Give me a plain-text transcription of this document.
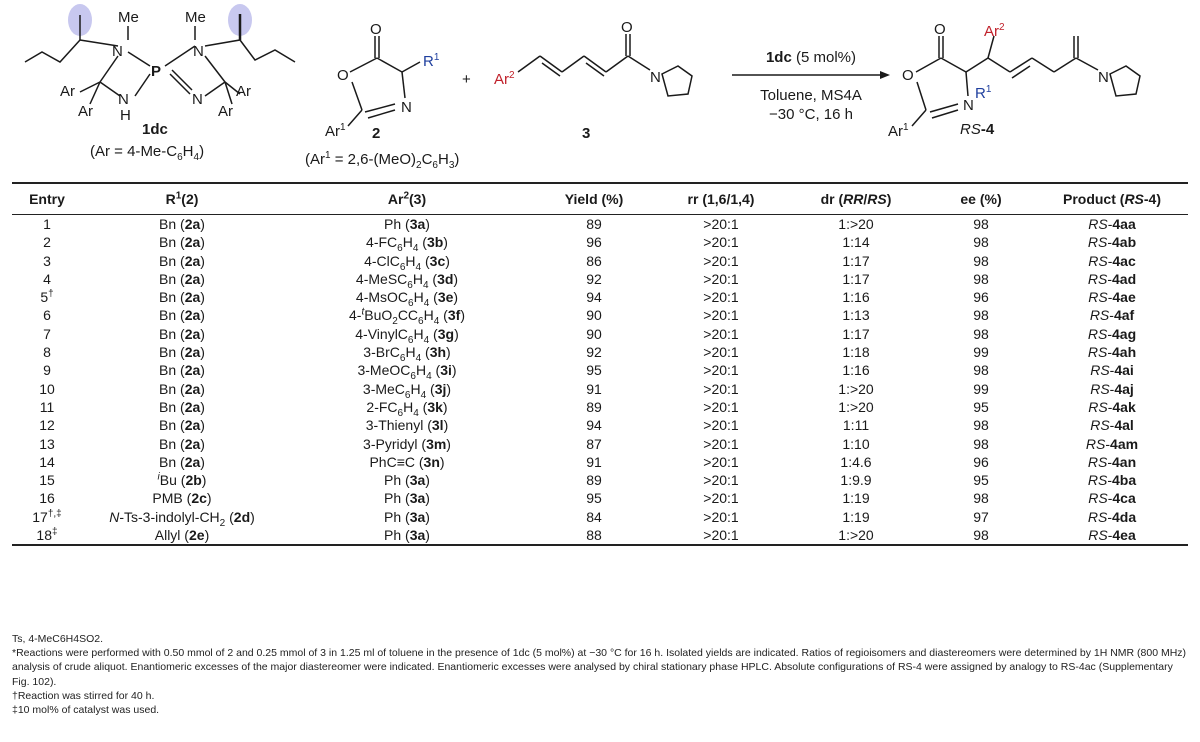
Me	Me
N	N
P
N
H
N
Ar
Ar
Ar
Ar
1dc
$(Ar = 4-Me-C_6H_4)$
O
O
N
$R^1$
Ar$^1$ 2
$(Ar^1 = 2,6-(MeO)_2C_6H_3)$
+ $Ar^2$
O
N
3
1dc (5 mol%)
Toluene, MS4A
−30 °C, 16 h
O
O
N
Ar$^2$
$R^1$
Ar$^1$
N
RS-4
Entry	$R^1(2)$	Ar$^2$(3)	Yield (%)	rr (1,6/1,4)	dr (RR/RS)	ee (%)	Product (RS-4)
1	Bn (2a)	Ph (3a)	89	>20:1	1:>20	98	RS-4aa
2	Bn (2a)	$4-FC_6H_4$ (3b)	96	>20:1	1:14	98	RS-4ab
3	Bn (2a)	$4-ClC_6H_4$ (3c)	86	>20:1	1:17	98	RS-4ac
4	Bn (2a)	$4-MeSC_6H_4$ (3d)	92	>20:1	1:17	98	RS-4ad
5†	Bn (2a)	$4-MsOC_6H_4$ (3e)	94	>20:1	1:16	96	RS-4ae
6	Bn (2a)	$4-^tBuO_2CC_6H_4$ (3f)	90	>20:1	1:13	98	RS-4af
7	Bn (2a)	$4-VinylC_6H_4$ (3g)	90	>20:1	1:17	98	RS-4ag
8	Bn (2a)	$3-BrC_6H_4$ (3h)	92	>20:1	1:18	99	RS-4ah
9	Bn (2a)	$3-MeOC_6H_4$ (3i)	95	>20:1	1:16	98	RS-4ai
10	Bn (2a)	$3-MeC_6H_4$ (3j)	91	>20:1	1:>20	99	RS-4aj
11	Bn (2a)	$2-FC_6H_4$ (3k)	89	>20:1	1:>20	95	RS-4ak
12	Bn (2a)	3-Thienyl (3l)	94	>20:1	1:11	98	RS-4al
13	Bn (2a)	3-Pyridyl (3m)	87	>20:1	1:10	98	RS-4am
14	Bn (2a)	PhC≡C (3n)	91	>20:1	1:4.6	96	RS-4an
15	$^i$Bu (2b)	Ph (3a)	89	>20:1	1:9.9	95	RS-4ba
16	PMB (2c)	Ph (3a)	95	>20:1	1:19	98	RS-4ca
17†,‡	$N-Ts-3-indolyl-CH_2$ (2d)	Ph (3a)	84	>20:1	1:19	97	RS-4da
18‡	Allyl (2e)	Ph (3a)	88	>20:1	1:>20	98	RS-4ea

Ts, 4-MeC6H4SO2.

*Reactions were performed with 0.50 mmol of 2 and 0.25 mmol of 3 in 1.25 ml of toluene in the presence of 1dc (5 mol%) at −30 °C for 16 h. Isolated yields are indicated. Ratios of regioisomers and diastereomers were determined by 1H NMR (800 MHz) analysis of crude aliquot. Enantiomeric excesses of the major diastereomer were indicated. Enantiomeric excesses were analysed by chiral stationary phase HPLC. Absolute configurations of RS-4 were assigned by analogy to RS-4ac (Supplementary Fig. 102).

†Reaction was stirred for 40 h.

‡10 mol% of catalyst was used.
